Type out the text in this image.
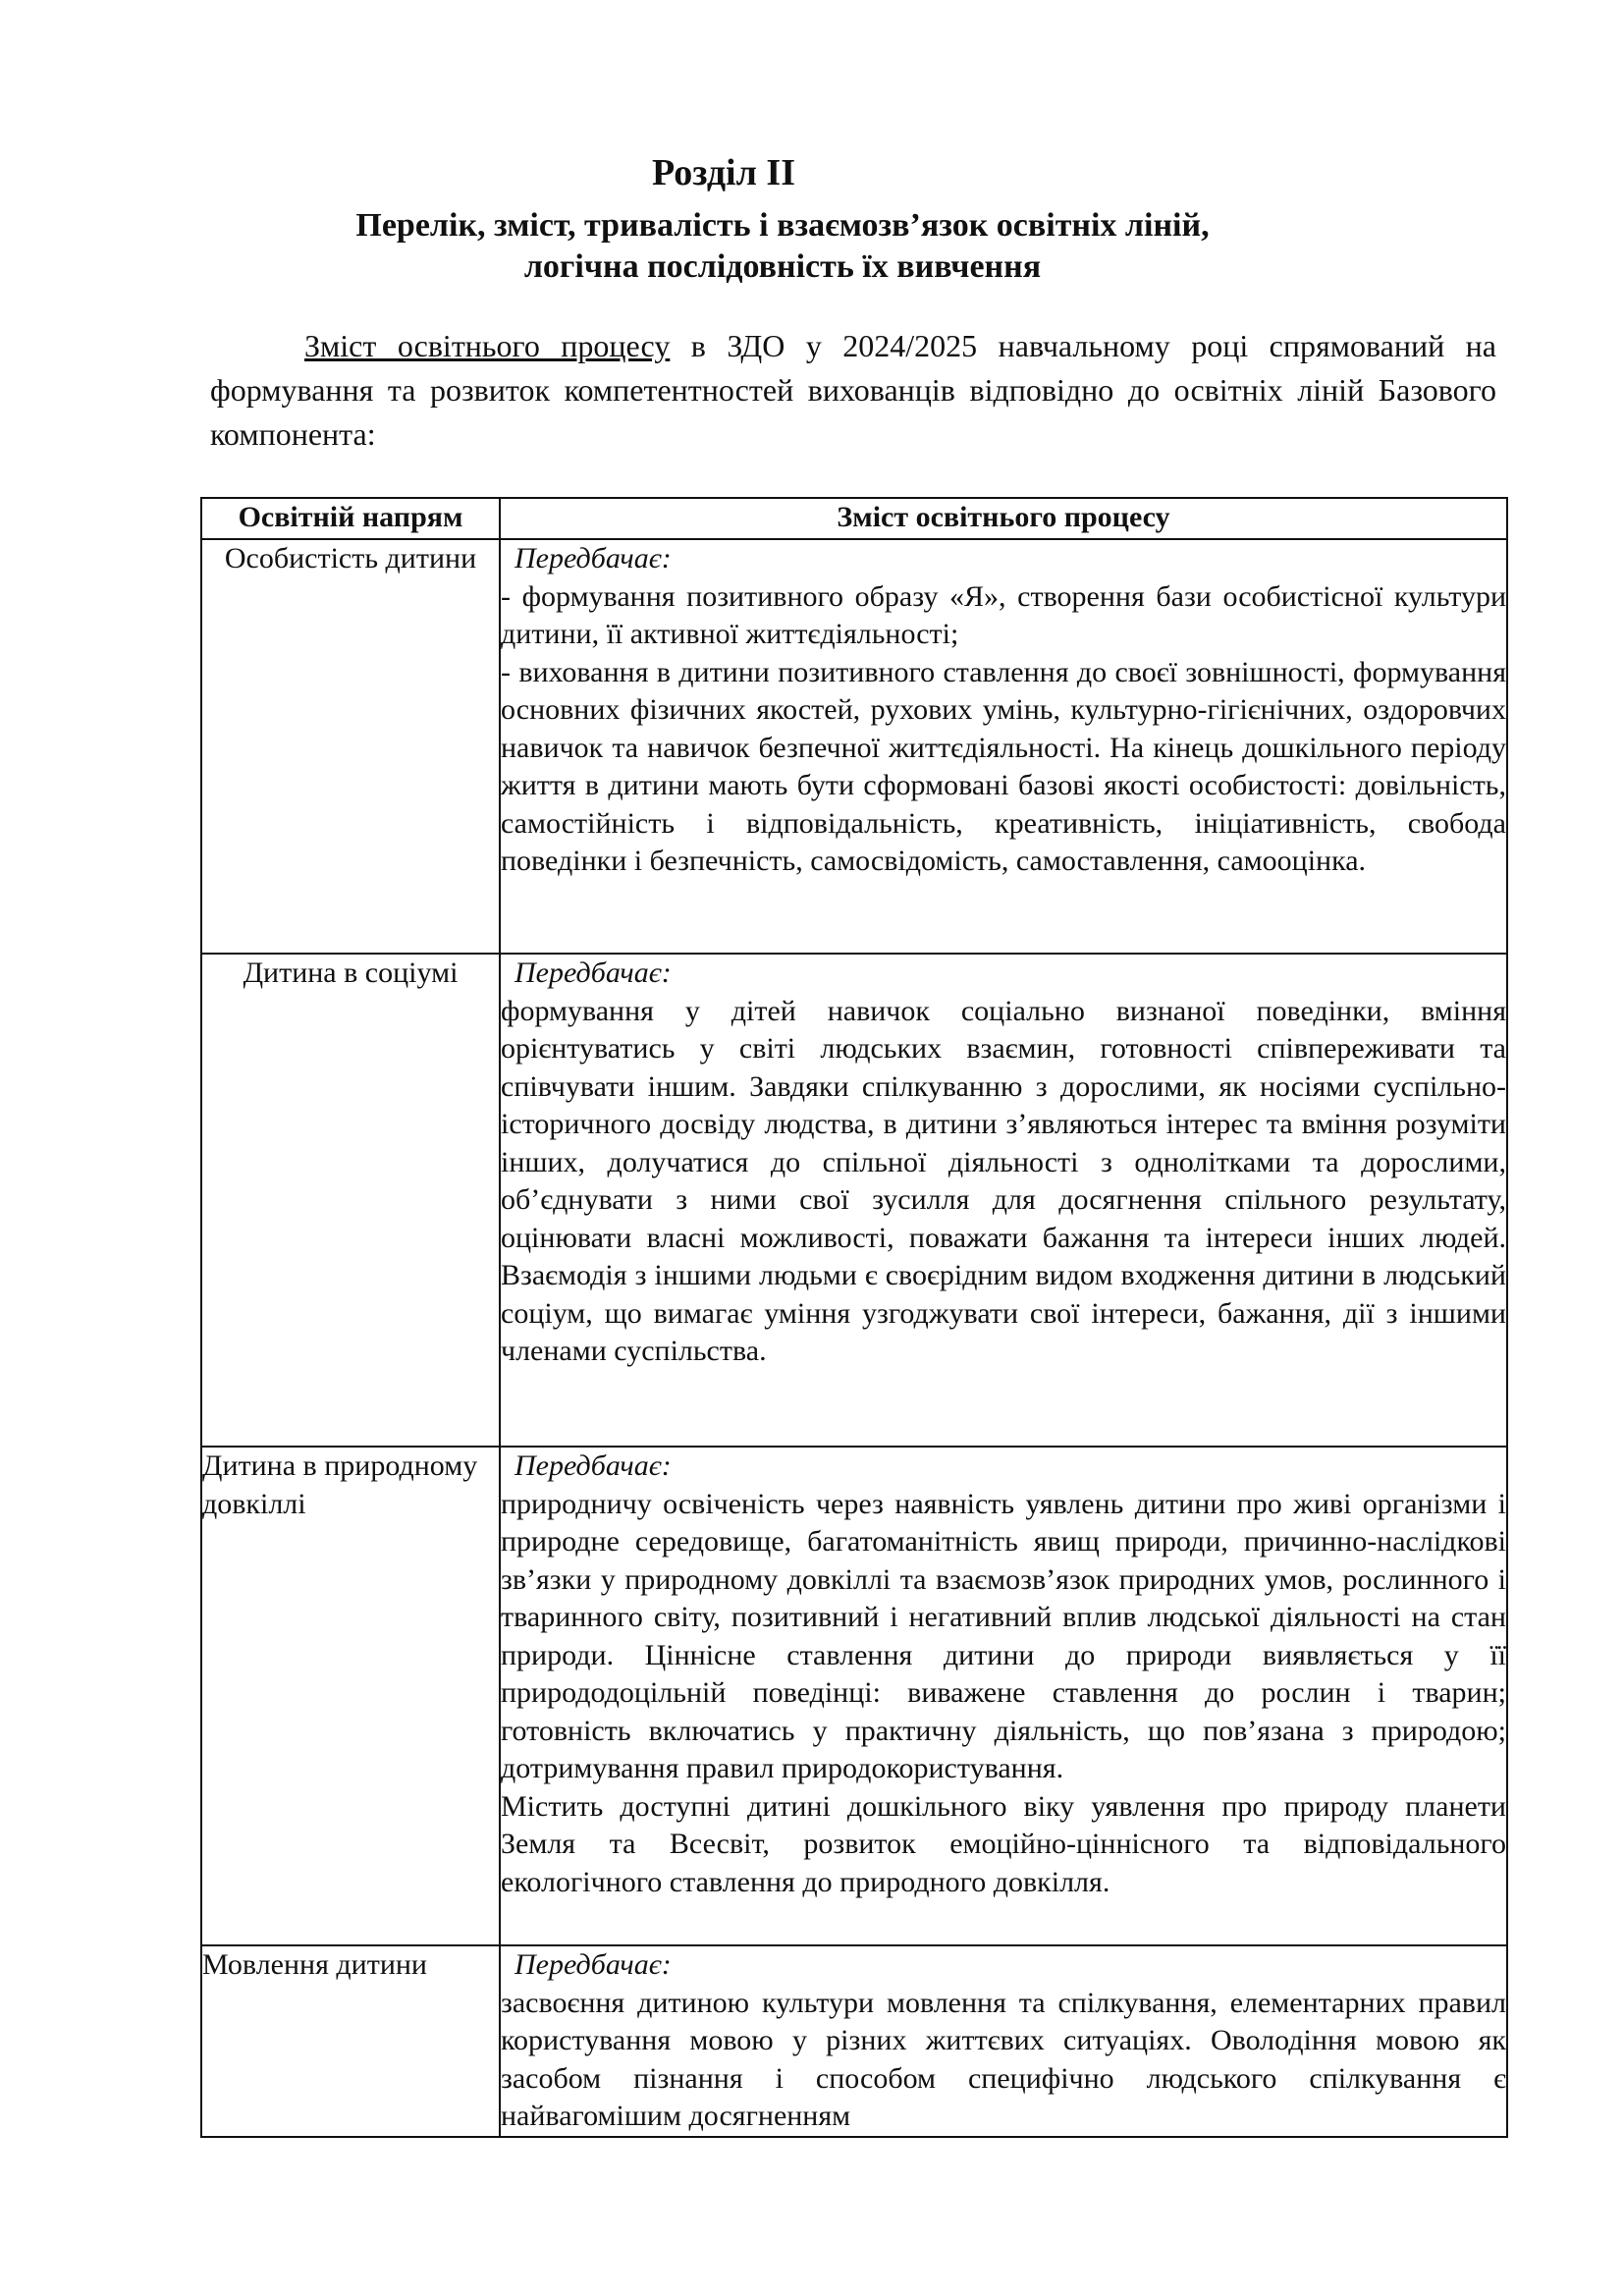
Розділ ІІ
Перелік, зміст, тривалість і взаємозв’язок освітніх ліній,
логічна послідовність їх вивчення

Зміст освітнього процесу в ЗДО у 2024/2025 навчальному році спрямований на формування та розвиток компетентностей вихованців відповідно до освітніх ліній Базового компонента:

Освітній напрям	Зміст освітнього процесу
Особистість дитини	Передбачає:
- формування позитивного образу «Я», створення бази особистісної культури дитини, її активної життєдіяльності;
- виховання в дитини позитивного ставлення до своєї зовнішності, формування основних фізичних якостей, рухових умінь, культурно-гігієнічних, оздоровчих навичок та навичок безпечної життєдіяльності. На кінець дошкільного періоду життя в дитини мають бути сформовані базові якості особистості: довільність, самостійність і відповідальність, креативність, ініціативність, свобода поведінки і безпечність, самосвідомість, самоставлення, самооцінка.

Дитина в соціумі	Передбачає:
формування у дітей навичок соціально визнаної поведінки, вміння орієнтуватись у світі людських взаємин, готовності співпереживати та співчувати іншим. Завдяки спілкуванню з дорослими, як носіями суспільно-історичного досвіду людства, в дитини з’являються інтерес та вміння розуміти інших, долучатися до спільної діяльності з однолітками та дорослими, об’єднувати з ними свої зусилля для досягнення спільного результату, оцінювати власні можливості, поважати бажання та інтереси інших людей. Взаємодія з іншими людьми є своєрідним видом входження дитини в людський соціум, що вимагає уміння узгоджувати свої інтереси, бажання, дії з іншими членами суспільства.

Дитина в природному довкіллі	Передбачає:
природничу освіченість через наявність уявлень дитини про живі організми і природне середовище, багатоманітність явищ природи, причинно-наслідкові зв’язки у природному довкіллі та взаємозв’язок природних умов, рослинного і тваринного світу, позитивний і негативний вплив людської діяльності на стан природи. Ціннісне ставлення дитини до природи виявляється у її природодоцільній поведінці: виважене ставлення до рослин і тварин; готовність включатись у практичну діяльність, що пов’язана з природою; дотримування правил природокористування.
Містить доступні дитині дошкільного віку уявлення про природу планети Земля та Всесвіт, розвиток емоційно-ціннісного та відповідального екологічного ставлення до природного довкілля.

Мовлення дитини	Передбачає:
засвоєння дитиною культури мовлення та спілкування, елементарних правил користування мовою у різних життєвих ситуаціях. Оволодіння мовою як засобом пізнання і способом специфічно людського спілкування є найвагомішим досягненням
